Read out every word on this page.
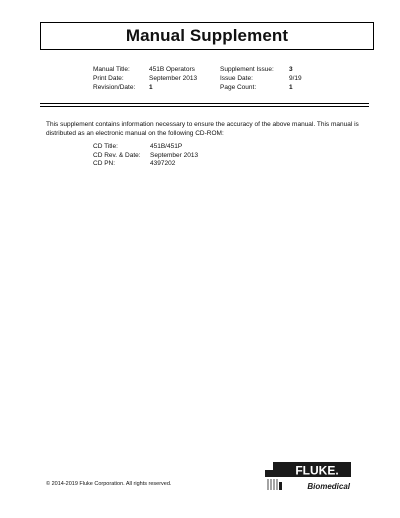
Manual Supplement
Manual Title:	451B Operators
Print Date:	September 2013
Revision/Date:	1
Supplement Issue:	3
Issue Date:	9/19
Page Count:	1

This supplement contains information necessary to ensure the accuracy of the above manual. This manual is distributed as an electronic manual on the following CD-ROM:

CD Title:	451B/451P
CD Rev. & Date:	September 2013
CD PN:	4397202
© 2014-2019 Fluke Corporation. All rights reserved.
FLUKE.
Biomedical
